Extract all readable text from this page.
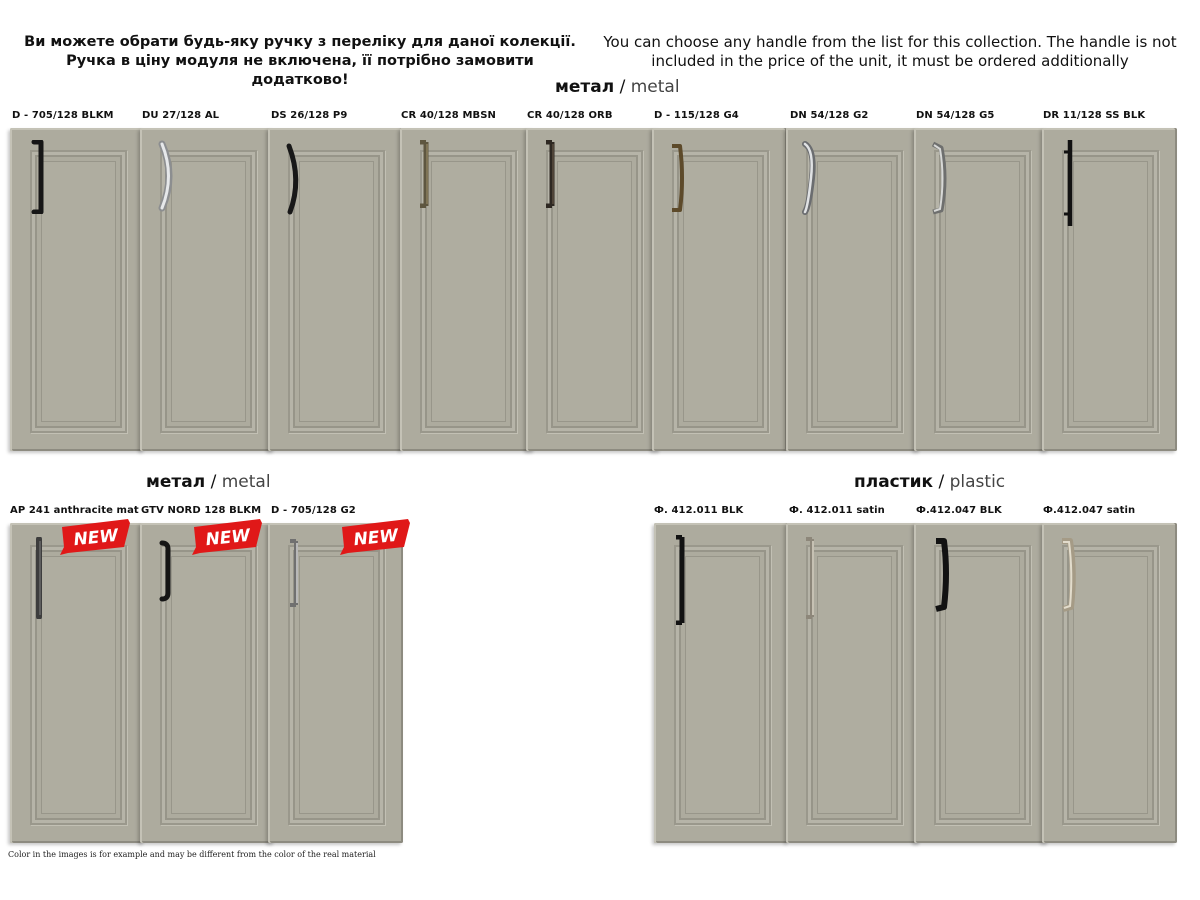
Ви можете обрати будь-яку ручку з переліку для даної колекції.
Ручка в ціну модуля не включена, її потрібно замовити додатково!
You can choose any handle from the list for this collection. The handle is not
included in the price of the unit, it must be ordered additionally
метал / metal
метал / metal	пластик / plastic
D - 705/128 BLKM	DU 27/128 AL	DS 26/128 P9	CR 40/128 MBSN	CR 40/128 ORB	D - 115/128 G4	DN 54/128 G2	DN 54/128 G5	DR 11/128 SS BLK
AP 241 anthracite mat GTV NORD 128 BLKM D - 705/128 G2	Ф. 412.011 BLK	Ф. 412.011 satin	Ф.412.047 BLK	Ф.412.047 satin
NEW	NEW	NEW
Color in the images is for example and may be different from the color of the real material
